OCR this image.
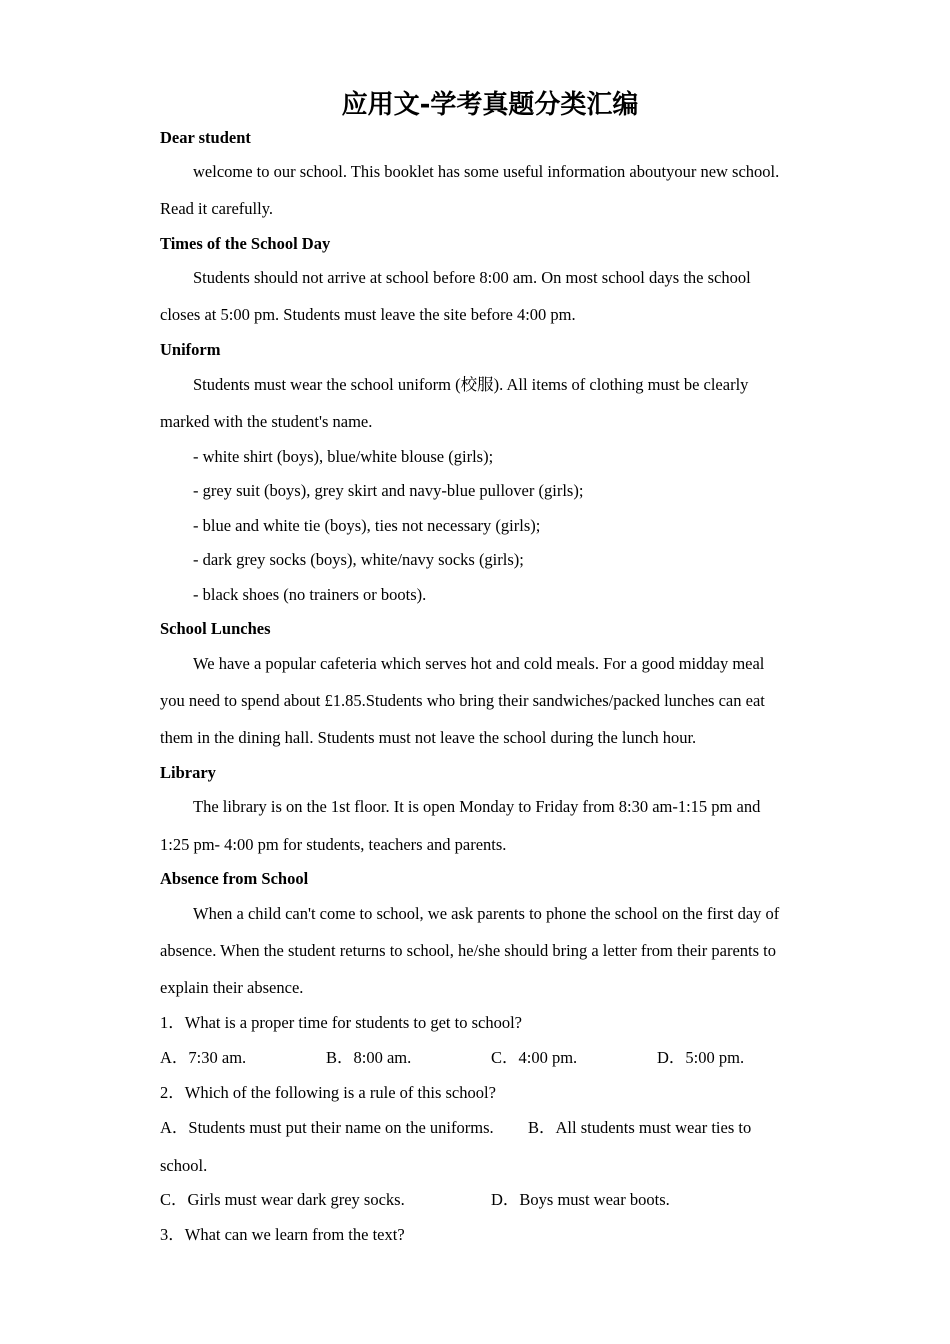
应用文-学考真题分类汇编
Dear student
welcome to our school. This booklet has some useful information aboutyour new school.
Read it carefully.
Times of the School Day
Students should not arrive at school before 8:00 am. On most school days the school
closes at 5:00 pm. Students must leave the site before 4:00 pm.
Uniform
Students must wear the school uniform (校服). All items of clothing must be clearly
marked with the student's name.
- white shirt (boys), blue/white blouse (girls);
- grey suit (boys), grey skirt and navy-blue pullover (girls);
- blue and white tie (boys), ties not necessary (girls);
- dark grey socks (boys), white/navy socks (girls);
- black shoes (no trainers or boots).
School Lunches
We have a popular cafeteria which serves hot and cold meals. For a good midday meal
you need to spend about £1.85.Students who bring their sandwiches/packed lunches can eat
them in the dining hall. Students must not leave the school during the lunch hour.
Library
The library is on the 1st floor. It is open Monday to Friday from 8:30 am-1:15 pm and
1:25 pm- 4:00 pm for students, teachers and parents.
Absence from School
When a child can't come to school, we ask parents to phone the school on the first day of
absence. When the student returns to school, he/she should bring a letter from their parents to
explain their absence.
1．What is a proper time for students to get to school?
A．7:30 am.	B．8:00 am.	C．4:00 pm.	D．5:00 pm.
2．Which of the following is a rule of this school?
A．Students must put their name on the uniforms. B．All students must wear ties to
school.
C．Girls must wear dark grey socks.	D．Boys must wear boots.
3．What can we learn from the text?
